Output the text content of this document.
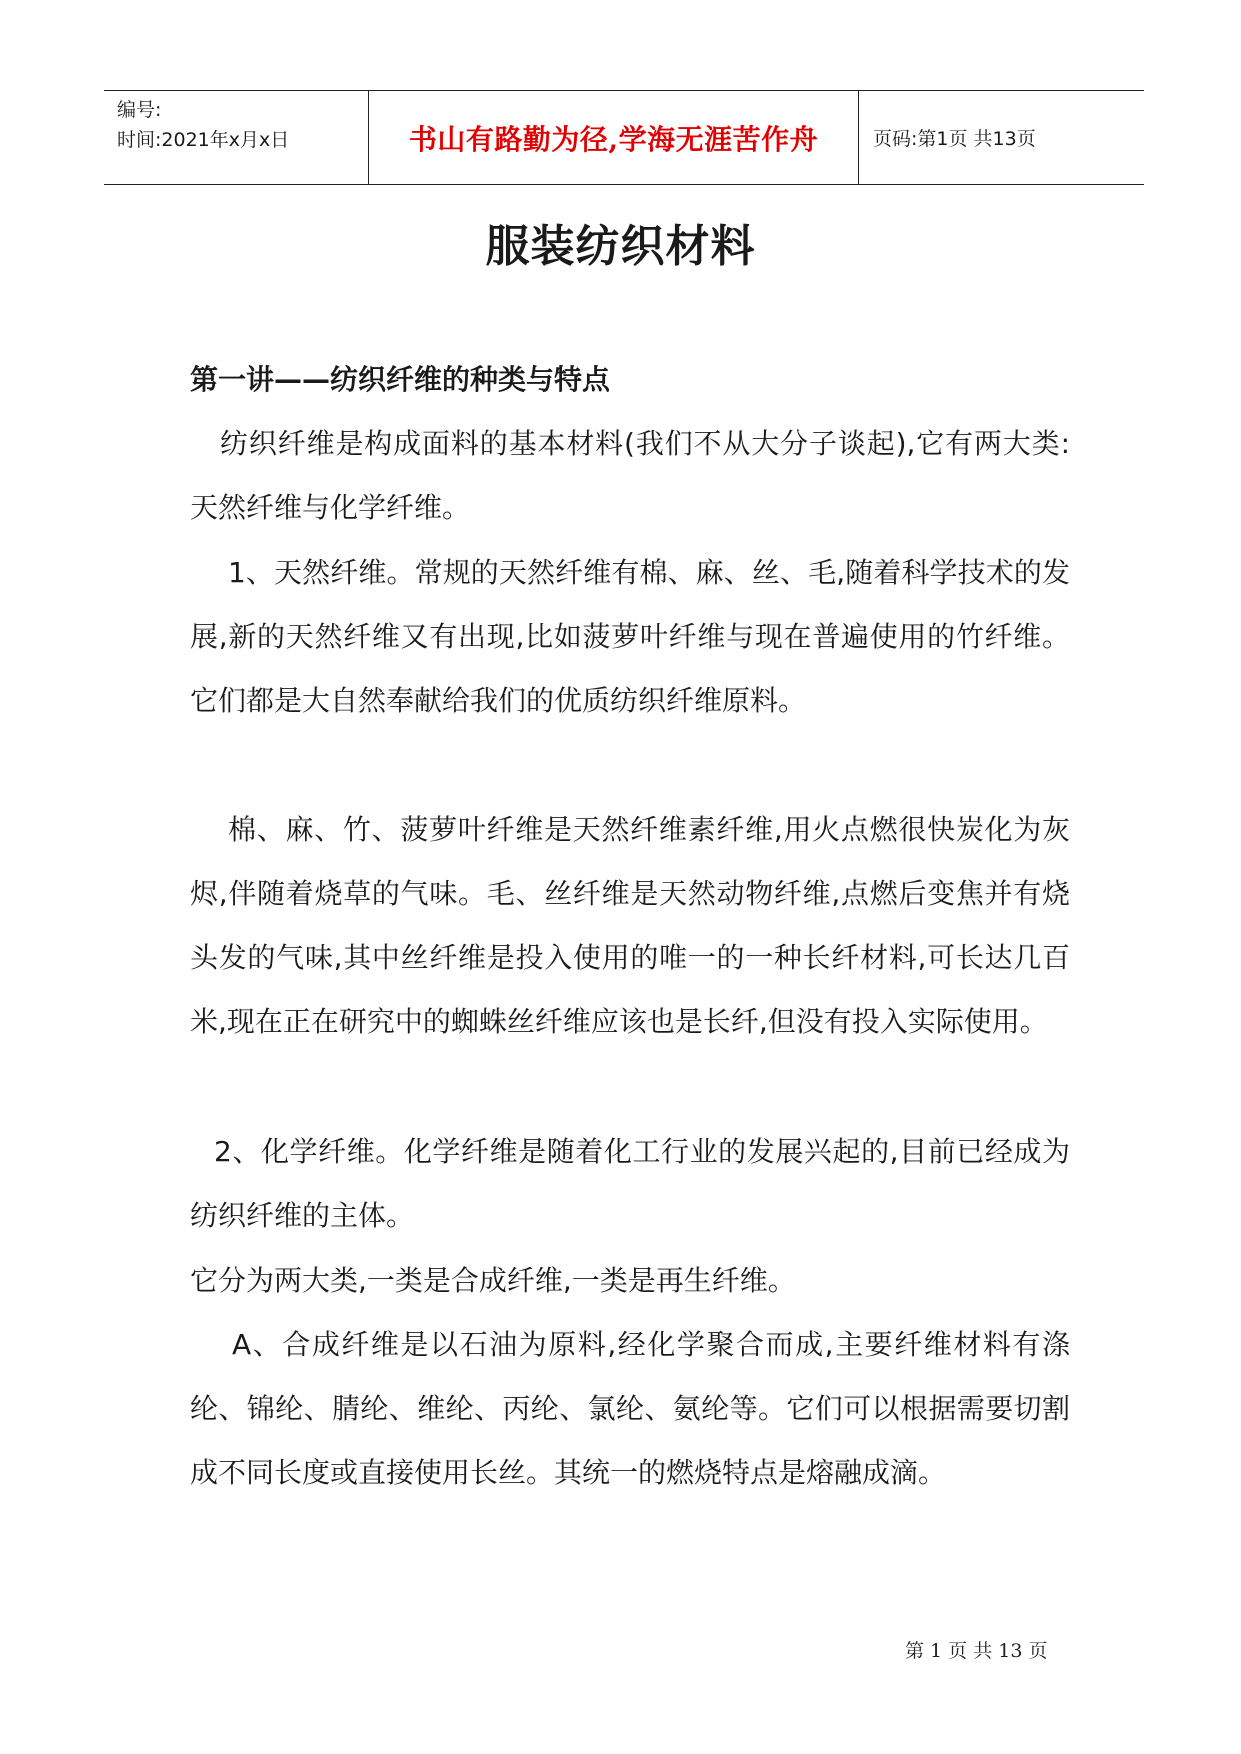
编号:
时间:2021年x月x日	书山有路勤为径,学海无涯苦作舟	页码:第1页 共13页
服装纺织材料
第一讲——纺织纤维的种类与特点

纺织纤维是构成面料的基本材料(我们不从大分子谈起),它有两大类:天然纤维与化学纤维。

1、天然纤维。常规的天然纤维有棉、麻、丝、毛,随着科学技术的发展,新的天然纤维又有出现,比如菠萝叶纤维与现在普遍使用的竹纤维。它们都是大自然奉献给我们的优质纺织纤维原料。

棉、麻、竹、菠萝叶纤维是天然纤维素纤维,用火点燃很快炭化为灰烬,伴随着烧草的气味。毛、丝纤维是天然动物纤维,点燃后变焦并有烧头发的气味,其中丝纤维是投入使用的唯一的一种长纤材料,可长达几百米,现在正在研究中的蜘蛛丝纤维应该也是长纤,但没有投入实际使用。

2、化学纤维。化学纤维是随着化工行业的发展兴起的,目前已经成为纺织纤维的主体。

它分为两大类,一类是合成纤维,一类是再生纤维。

A、合成纤维是以石油为原料,经化学聚合而成,主要纤维材料有涤纶、锦纶、腈纶、维纶、丙纶、氯纶、氨纶等。它们可以根据需要切割成不同长度或直接使用长丝。其统一的燃烧特点是熔融成滴。

第 1 页 共 13 页
